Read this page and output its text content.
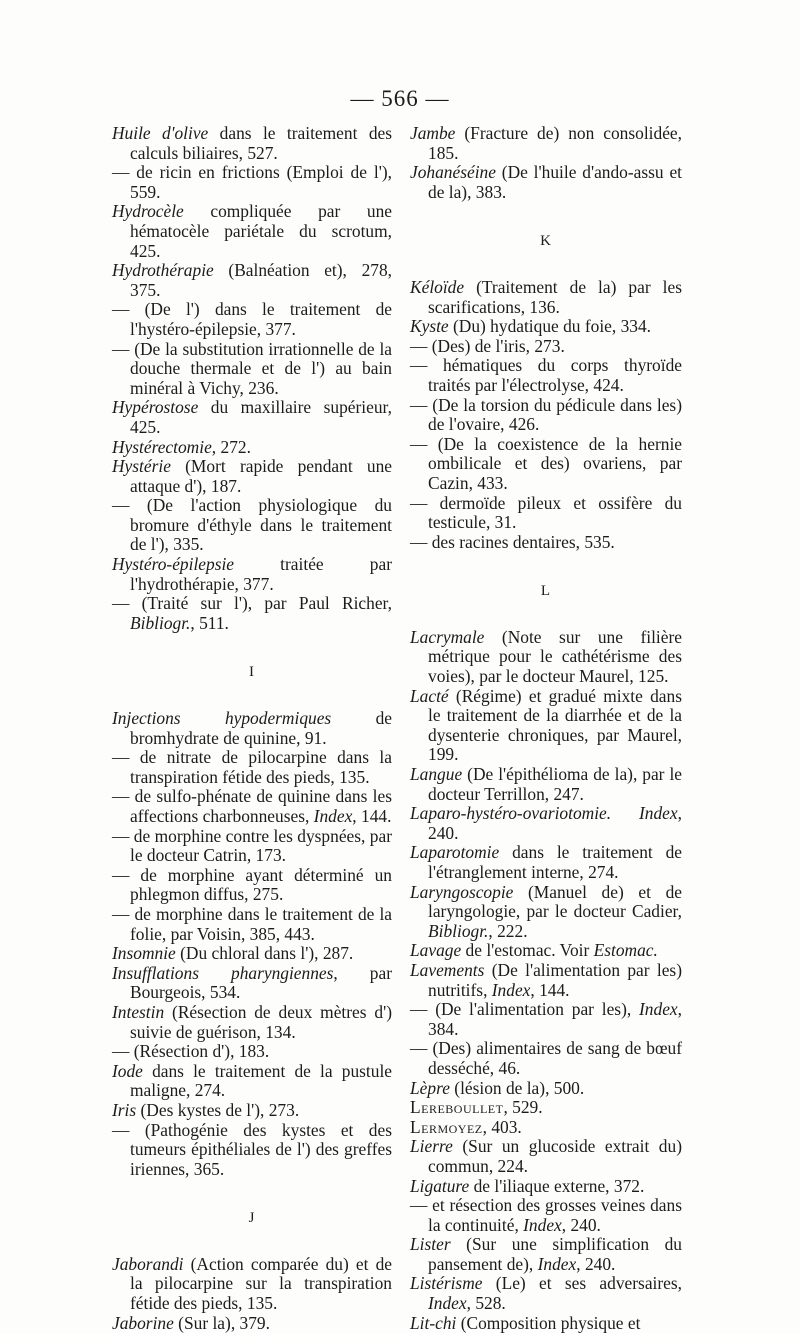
— 566 —
Huile d'olive dans le traitement des calculs biliaires, 527.
— de ricin en frictions (Emploi de l'), 559.
Hydrocèle compliquée par une hématocèle pariétale du scrotum, 425.
Hydrothérapie (Balnéation et), 278, 375.
— (De l') dans le traitement de l'hystéro-épilepsie, 377.
— (De la substitution irrationnelle de la douche thermale et de l') au bain minéral à Vichy, 236.
Hypérostose du maxillaire supérieur, 425.
Hystérectomie, 272.
Hystérie (Mort rapide pendant une attaque d'), 187.
— (De l'action physiologique du bromure d'éthyle dans le traitement de l'), 335.
Hystéro-épilepsie traitée par l'hydrothérapie, 377.
— (Traité sur l'), par Paul Richer, Bibliogr., 511.
I
Injections hypodermiques de bromhydrate de quinine, 91.
— de nitrate de pilocarpine dans la transpiration fétide des pieds, 135.
— de sulfo-phénate de quinine dans les affections charbonneuses, Index, 144.
— de morphine contre les dyspnées, par le docteur Catrin, 173.
— de morphine ayant déterminé un phlegmon diffus, 275.
— de morphine dans le traitement de la folie, par Voisin, 385, 443.
Insomnie (Du chloral dans l'), 287.
Insufflations pharyngiennes, par Bourgeois, 534.
Intestin (Résection de deux mètres d') suivie de guérison, 134.
— (Résection d'), 183.
Iode dans le traitement de la pustule maligne, 274.
Iris (Des kystes de l'), 273.
— (Pathogénie des kystes et des tumeurs épithéliales de l') des greffes iriennes, 365.
J
Jaborandi (Action comparée du) et de la pilocarpine sur la transpiration fétide des pieds, 135.
Jaborine (Sur la), 379.
Jambe (Fracture de) non consolidée, 185.
Johanéséine (De l'huile d'ando-assu et de la), 383.
K
Kéloïde (Traitement de la) par les scarifications, 136.
Kyste (Du) hydatique du foie, 334.
— (Des) de l'iris, 273.
— hématiques du corps thyroïde traités par l'électrolyse, 424.
— (De la torsion du pédicule dans les) de l'ovaire, 426.
— (De la coexistence de la hernie ombilicale et des) ovariens, par Cazin, 433.
— dermoïde pileux et ossifère du testicule, 31.
— des racines dentaires, 535.
L
Lacrymale (Note sur une filière métrique pour le cathétérisme des voies), par le docteur Maurel, 125.
Lacté (Régime) et gradué mixte dans le traitement de la diarrhée et de la dysenterie chroniques, par Maurel, 199.
Langue (De l'épithélioma de la), par le docteur Terrillon, 247.
Laparo-hystéro-ovariotomie. Index, 240.
Laparotomie dans le traitement de l'étranglement interne, 274.
Laryngoscopie (Manuel de) et de laryngologie, par le docteur Cadier, Bibliogr., 222.
Lavage de l'estomac. Voir Estomac.
Lavements (De l'alimentation par les) nutritifs, Index, 144.
— (De l'alimentation par les), Index, 384.
— (Des) alimentaires de sang de bœuf desséché, 46.
Lèpre (lésion de la), 500.
Lereboullet, 529.
Lermoyez, 403.
Lierre (Sur un glucoside extrait du) commun, 224.
Ligature de l'iliaque externe, 372.
— et résection des grosses veines dans la continuité, Index, 240.
Lister (Sur une simplification du pansement de), Index, 240.
Listérisme (Le) et ses adversaires, Index, 528.
Lit-chi (Composition physique et
